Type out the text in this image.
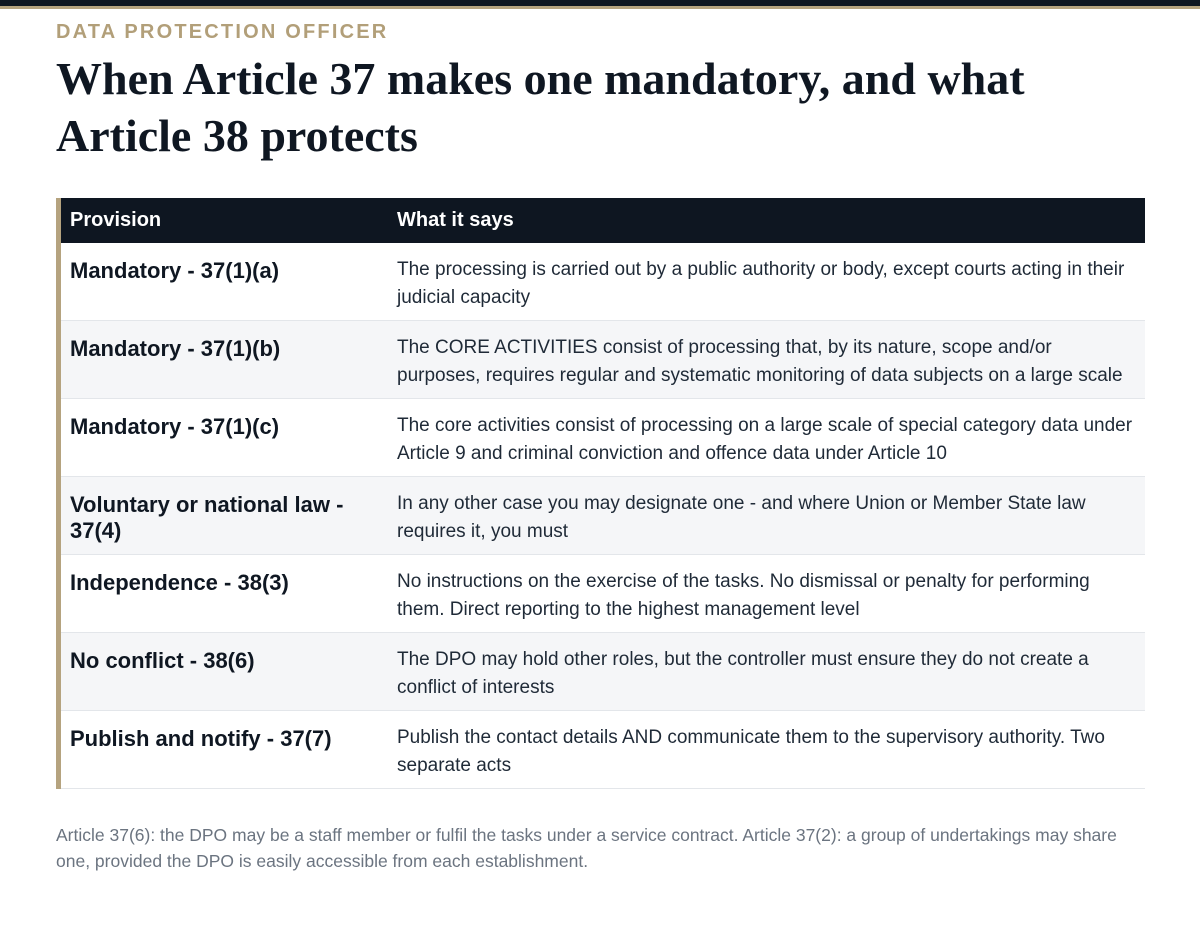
DATA PROTECTION OFFICER
When Article 37 makes one mandatory, and what Article 38 protects
Provision	What it says
Mandatory - 37(1)(a)	The processing is carried out by a public authority or body, except courts acting in their judicial capacity
Mandatory - 37(1)(b)	The CORE ACTIVITIES consist of processing that, by its nature, scope and/or purposes, requires regular and systematic monitoring of data subjects on a large scale
Mandatory - 37(1)(c)	The core activities consist of processing on a large scale of special category data under Article 9 and criminal conviction and offence data under Article 10
Voluntary or national law - 37(4)	In any other case you may designate one - and where Union or Member State law requires it, you must
Independence - 38(3)	No instructions on the exercise of the tasks. No dismissal or penalty for performing them. Direct reporting to the highest management level
No conflict - 38(6)	The DPO may hold other roles, but the controller must ensure they do not create a conflict of interests
Publish and notify - 37(7)	Publish the contact details AND communicate them to the supervisory authority. Two separate acts

Article 37(6): the DPO may be a staff member or fulfil the tasks under a service contract. Article 37(2): a group of undertakings may share one, provided the DPO is easily accessible from each establishment.
